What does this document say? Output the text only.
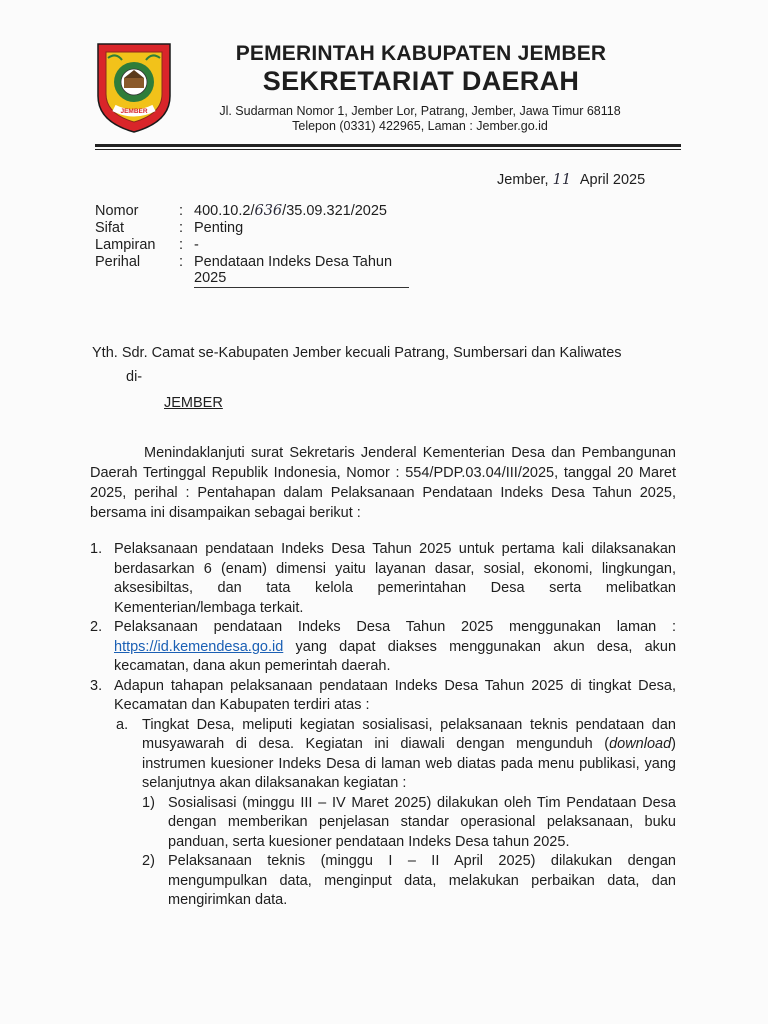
JEMBER
PEMERINTAH KABUPATEN JEMBER
SEKRETARIAT DAERAH
Jl. Sudarman Nomor 1, Jember Lor, Patrang, Jember, Jawa Timur 68118
Telepon (0331) 422965, Laman : Jember.go.id
Jember, 11 April 2025
Nomor	: 400.10.2/636/35.09.321/2025
Sifat	: Penting
Lampiran	: -
Perihal	: Pendataan Indeks Desa Tahun 2025
Yth. Sdr. Camat se-Kabupaten Jember kecuali Patrang, Sumbersari dan Kaliwates
di-
JEMBER
Menindaklanjuti surat Sekretaris Jenderal Kementerian Desa dan Pembangunan Daerah Tertinggal Republik Indonesia, Nomor : 554/PDP.03.04/III/2025, tanggal 20 Maret 2025, perihal : Pentahapan dalam Pelaksanaan Pendataan Indeks Desa Tahun 2025, bersama ini disampaikan sebagai berikut :
1. Pelaksanaan pendataan Indeks Desa Tahun 2025 untuk pertama kali dilaksanakan berdasarkan 6 (enam) dimensi yaitu layanan dasar, sosial, ekonomi, lingkungan, aksesibiltas, dan tata kelola pemerintahan Desa serta melibatkan Kementerian/lembaga terkait.
2. Pelaksanaan pendataan Indeks Desa Tahun 2025 menggunakan laman : https://id.kemendesa.go.id yang dapat diakses menggunakan akun desa, akun kecamatan, dana akun pemerintah daerah.
3. Adapun tahapan pelaksanaan pendataan Indeks Desa Tahun 2025 di tingkat Desa, Kecamatan dan Kabupaten terdiri atas :
a. Tingkat Desa, meliputi kegiatan sosialisasi, pelaksanaan teknis pendataan dan musyawarah di desa. Kegiatan ini diawali dengan mengunduh (download) instrumen kuesioner Indeks Desa di laman web diatas pada menu publikasi, yang selanjutnya akan dilaksanakan kegiatan :
1) Sosialisasi (minggu III – IV Maret 2025) dilakukan oleh Tim Pendataan Desa dengan memberikan penjelasan standar operasional pelaksanaan, buku panduan, serta kuesioner pendataan Indeks Desa tahun 2025.
2) Pelaksanaan teknis (minggu I – II April 2025) dilakukan dengan mengumpulkan data, menginput data, melakukan perbaikan data, dan mengirimkan data.
